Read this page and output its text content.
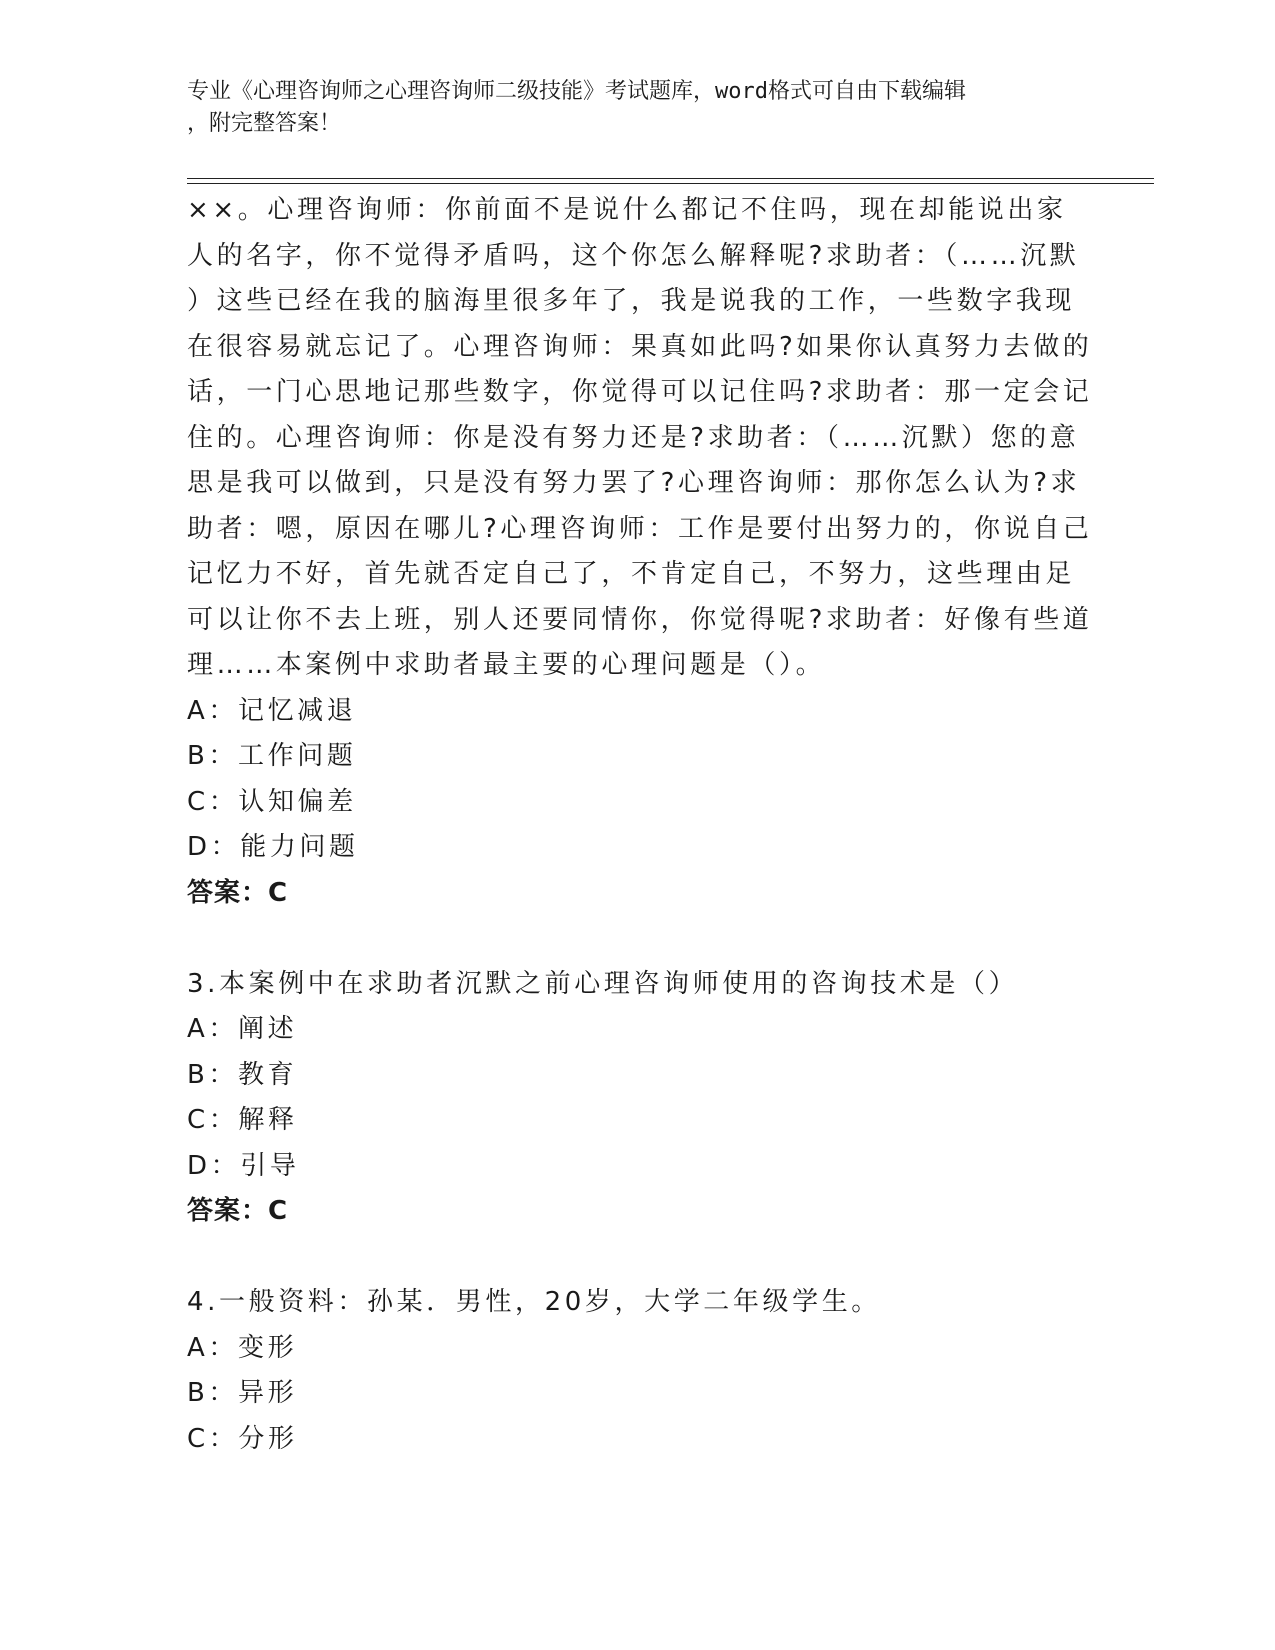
专业《心理咨询师之心理咨询师二级技能》考试题库，word格式可自由下载编辑
，附完整答案！
××。心理咨询师：你前面不是说什么都记不住吗，现在却能说出家
人的名字，你不觉得矛盾吗，这个你怎么解释呢?求助者：（……沉默
）这些已经在我的脑海里很多年了，我是说我的工作，一些数字我现
在很容易就忘记了。心理咨询师：果真如此吗?如果你认真努力去做的
话，一门心思地记那些数字，你觉得可以记住吗?求助者：那一定会记
住的。心理咨询师：你是没有努力还是?求助者：（……沉默）您的意
思是我可以做到，只是没有努力罢了?心理咨询师：那你怎么认为?求
助者：嗯，原因在哪儿?心理咨询师：工作是要付出努力的，你说自己
记忆力不好，首先就否定自己了，不肯定自己，不努力，这些理由足
可以让你不去上班，别人还要同情你，你觉得呢?求助者：好像有些道
理……本案例中求助者最主要的心理问题是（）。
A：记忆减退
B：工作问题
C：认知偏差
D：能力问题
答案：C
3.本案例中在求助者沉默之前心理咨询师使用的咨询技术是（）
A：阐述
B：教育
C：解释
D：引导
答案：C
4.一般资料：孙某．男性，20岁，大学二年级学生。
A：变形
B：异形
C：分形
